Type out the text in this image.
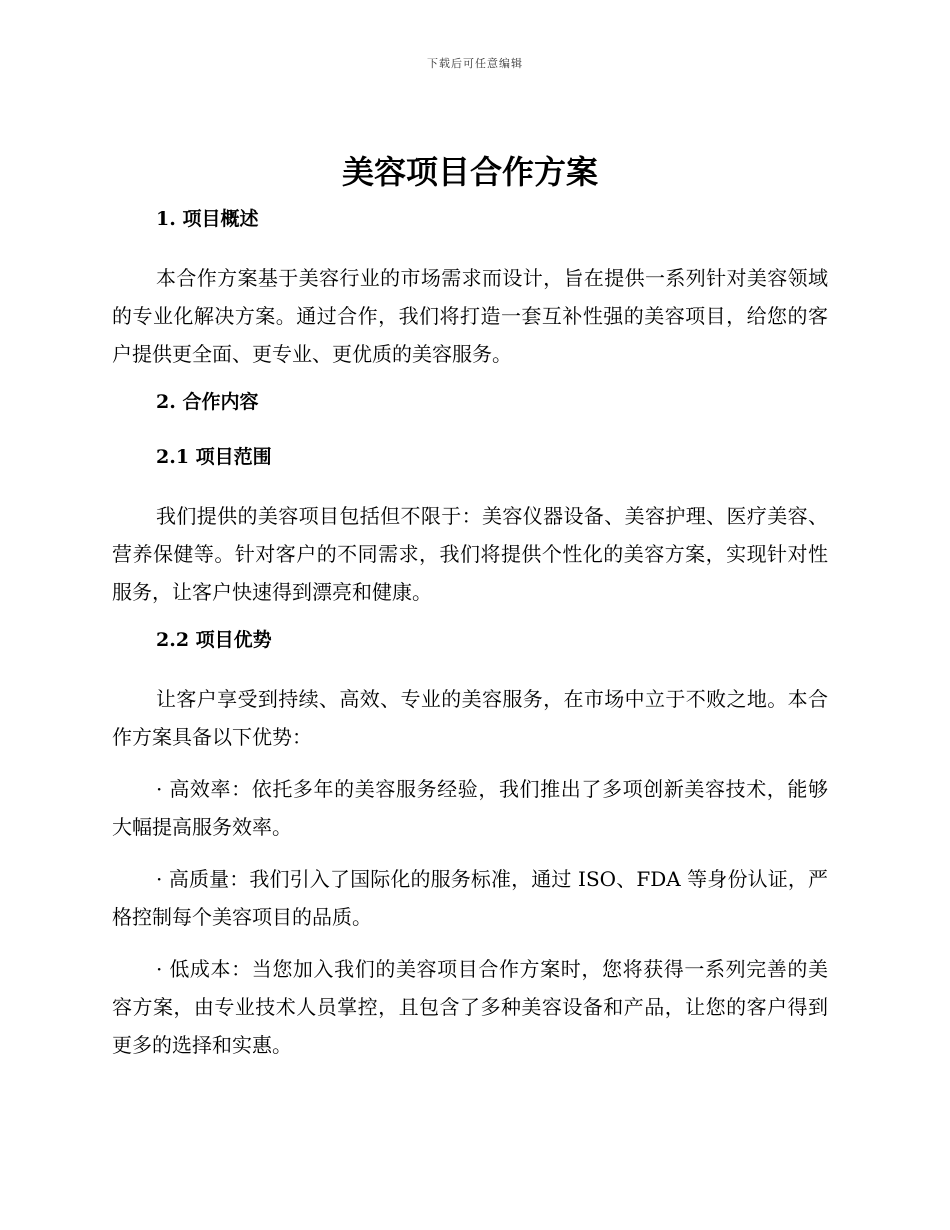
下载后可任意编辑
美容项目合作方案
1. 项目概述

本合作方案基于美容行业的市场需求而设计，旨在提供一系列针对美容领域的专业化解决方案。通过合作，我们将打造一套互补性强的美容项目，给您的客户提供更全面、更专业、更优质的美容服务。

2. 合作内容
2.1 项目范围

我们提供的美容项目包括但不限于：美容仪器设备、美容护理、医疗美容、营养保健等。针对客户的不同需求，我们将提供个性化的美容方案，实现针对性服务，让客户快速得到漂亮和健康。

2.2 项目优势

让客户享受到持续、高效、专业的美容服务，在市场中立于不败之地。本合作方案具备以下优势：

· 高效率：依托多年的美容服务经验，我们推出了多项创新美容技术，能够大幅提高服务效率。

· 高质量：我们引入了国际化的服务标准，通过 ISO、FDA 等身份认证，严格控制每个美容项目的品质。

· 低成本：当您加入我们的美容项目合作方案时，您将获得一系列完善的美容方案，由专业技术人员掌控，且包含了多种美容设备和产品，让您的客户得到更多的选择和实惠。
